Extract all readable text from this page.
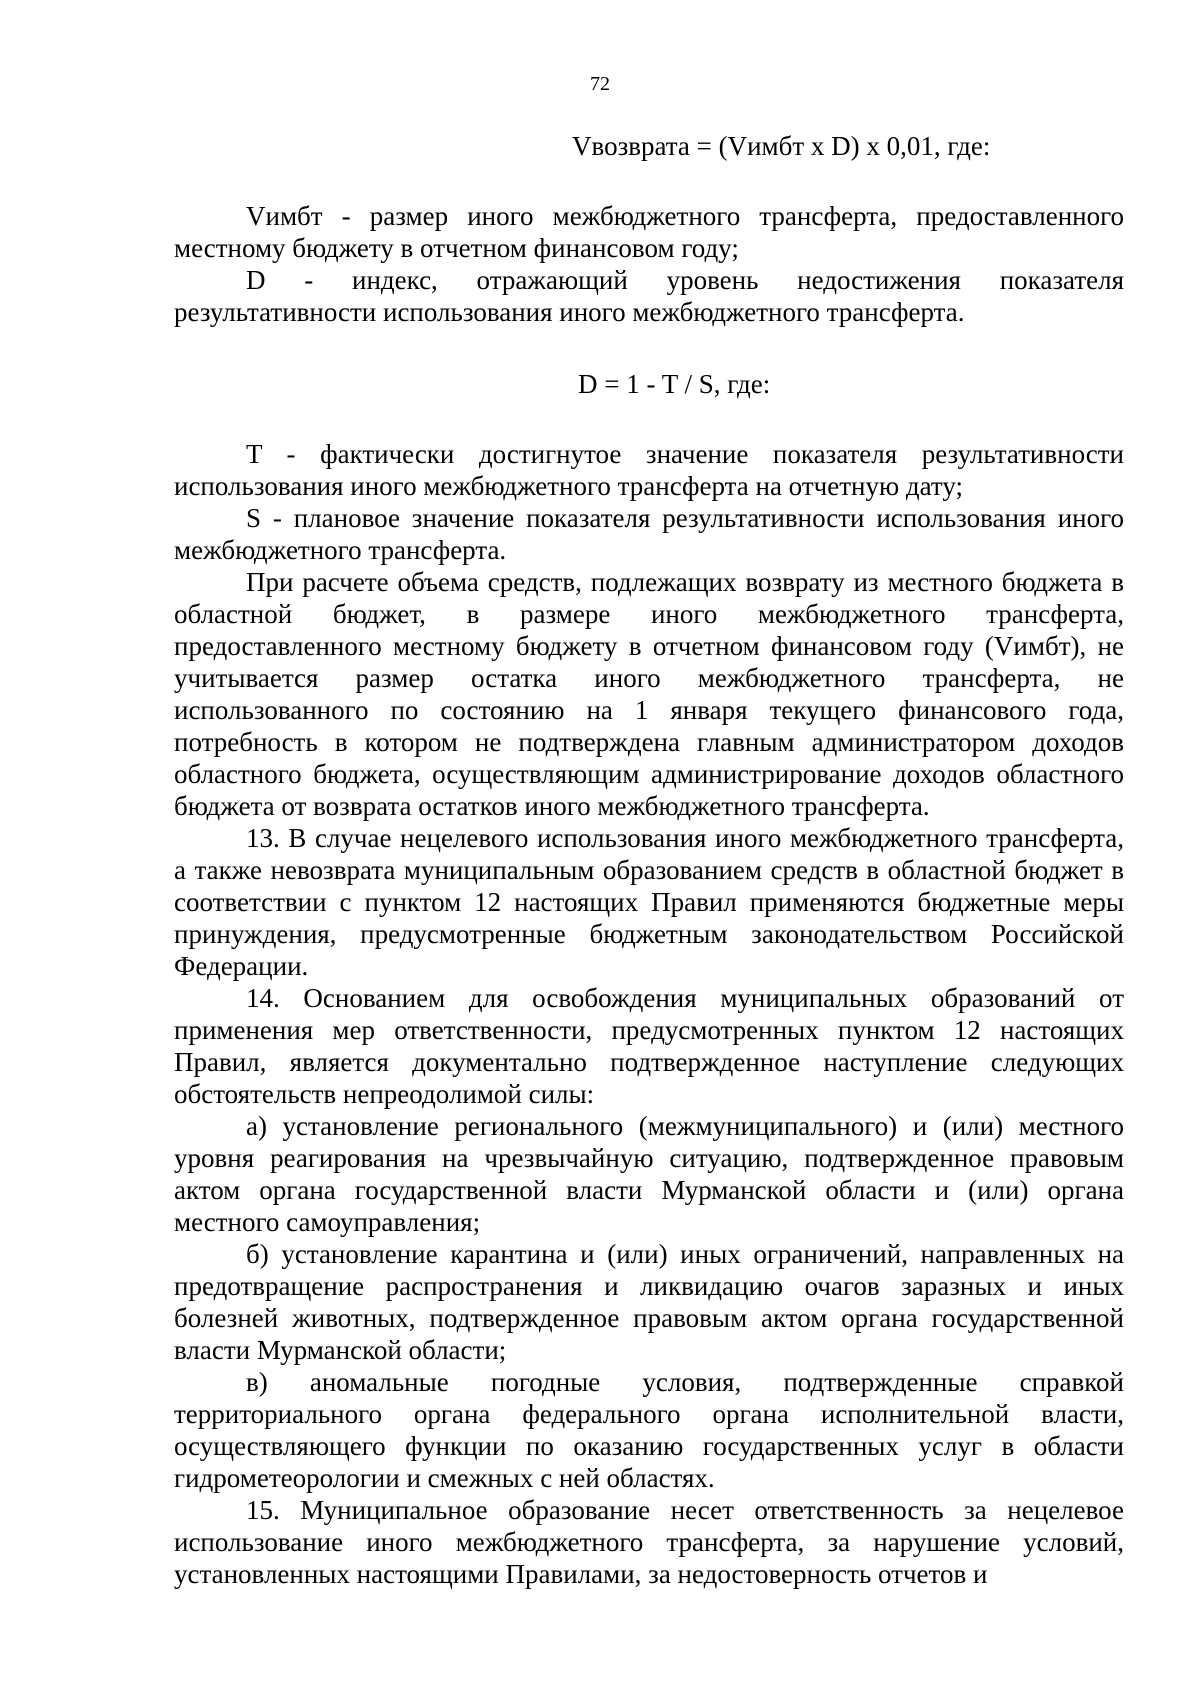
72

Vвозврата = (Vимбт x D) x 0,01, где:

Vимбт - размер иного межбюджетного трансферта, предоставленного местному бюджету в отчетном финансовом году;

D - индекс, отражающий уровень недостижения показателя результативности использования иного межбюджетного трансферта.

D = 1 - T / S, где:

T - фактически достигнутое значение показателя результативности использования иного межбюджетного трансферта на отчетную дату;

S - плановое значение показателя результативности использования иного межбюджетного трансферта.

При расчете объема средств, подлежащих возврату из местного бюджета в областной бюджет, в размере иного межбюджетного трансферта, предоставленного местному бюджету в отчетном финансовом году (Vимбт), не учитывается размер остатка иного межбюджетного трансферта, не использованного по состоянию на 1 января текущего финансового года, потребность в котором не подтверждена главным администратором доходов областного бюджета, осуществляющим администрирование доходов областного бюджета от возврата остатков иного межбюджетного трансферта.

13. В случае нецелевого использования иного межбюджетного трансферта, а также невозврата муниципальным образованием средств в областной бюджет в соответствии с пунктом 12 настоящих Правил применяются бюджетные меры принуждения, предусмотренные бюджетным законодательством Российской Федерации.

14. Основанием для освобождения муниципальных образований от применения мер ответственности, предусмотренных пунктом 12 настоящих Правил, является документально подтвержденное наступление следующих обстоятельств непреодолимой силы:

а) установление регионального (межмуниципального) и (или) местного уровня реагирования на чрезвычайную ситуацию, подтвержденное правовым актом органа государственной власти Мурманской области и (или) органа местного самоуправления;

б) установление карантина и (или) иных ограничений, направленных на предотвращение распространения и ликвидацию очагов заразных и иных болезней животных, подтвержденное правовым актом органа государственной власти Мурманской области;

в) аномальные погодные условия, подтвержденные справкой территориального органа федерального органа исполнительной власти, осуществляющего функции по оказанию государственных услуг в области гидрометеорологии и смежных с ней областях.

15. Муниципальное образование несет ответственность за нецелевое использование иного межбюджетного трансферта, за нарушение условий, установленных настоящими Правилами, за недостоверность отчетов и
